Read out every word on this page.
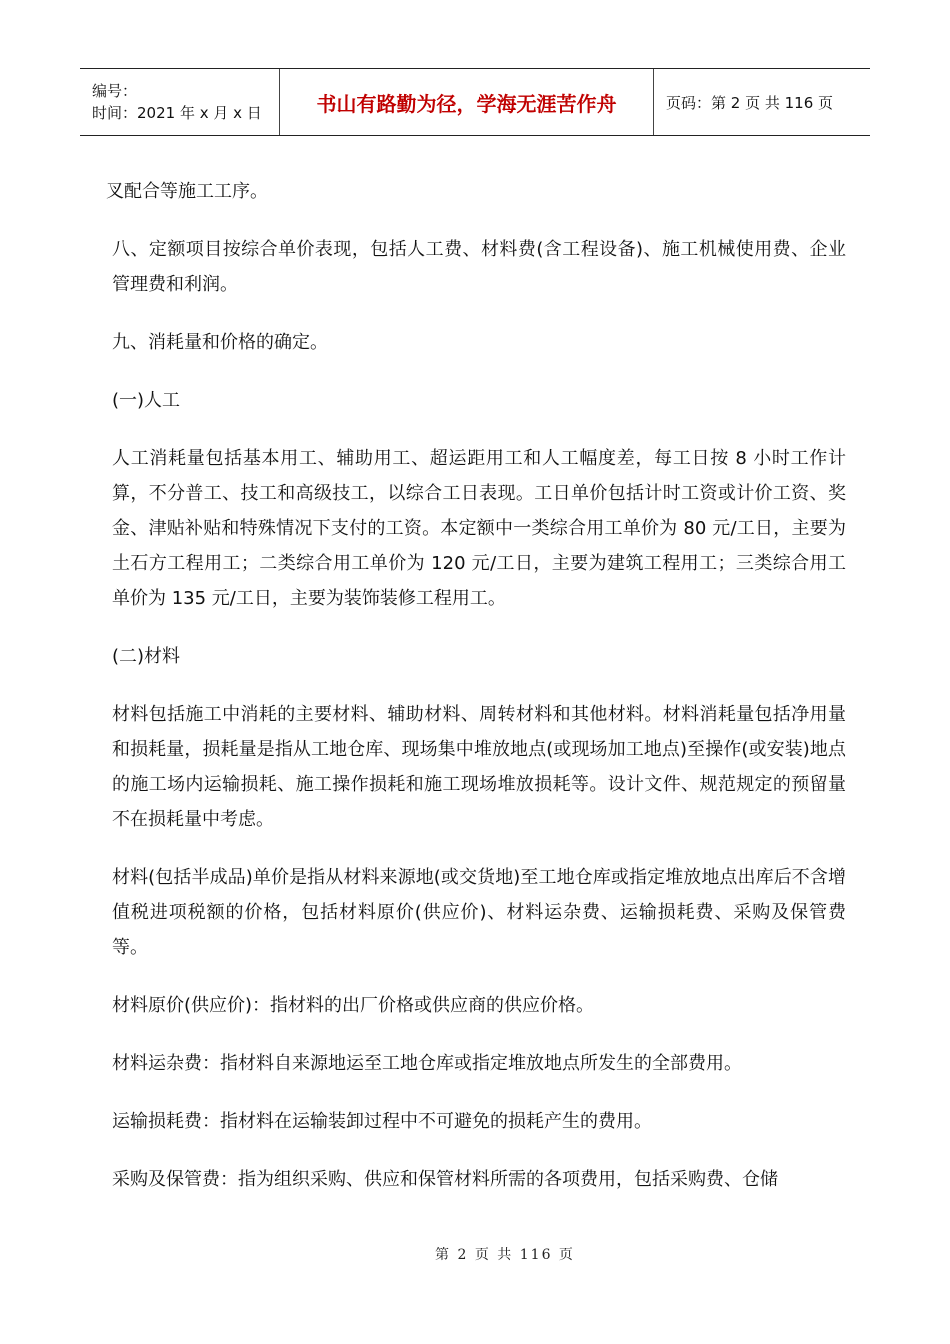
编号：
时间：2021 年 x 月 x 日	书山有路勤为径，学海无涯苦作舟	页码：第 2 页 共 116 页

叉配合等施工工序。

八、定额项目按综合单价表现，包括人工费、材料费(含工程设备)、施工机械使用费、企业管理费和利润。

九、消耗量和价格的确定。

(一)人工

人工消耗量包括基本用工、辅助用工、超运距用工和人工幅度差，每工日按 8 小时工作计算，不分普工、技工和高级技工，以综合工日表现。工日单价包括计时工资或计价工资、奖金、津贴补贴和特殊情况下支付的工资。本定额中一类综合用工单价为 80 元/工日，主要为土石方工程用工；二类综合用工单价为 120 元/工日，主要为建筑工程用工；三类综合用工单价为 135 元/工日，主要为装饰装修工程用工。

(二)材料

材料包括施工中消耗的主要材料、辅助材料、周转材料和其他材料。材料消耗量包括净用量和损耗量，损耗量是指从工地仓库、现场集中堆放地点(或现场加工地点)至操作(或安装)地点的施工场内运输损耗、施工操作损耗和施工现场堆放损耗等。设计文件、规范规定的预留量不在损耗量中考虑。

材料(包括半成品)单价是指从材料来源地(或交货地)至工地仓库或指定堆放地点出库后不含增值税进项税额的价格，包括材料原价(供应价)、材料运杂费、运输损耗费、采购及保管费等。

材料原价(供应价)：指材料的出厂价格或供应商的供应价格。

材料运杂费：指材料自来源地运至工地仓库或指定堆放地点所发生的全部费用。

运输损耗费：指材料在运输装卸过程中不可避免的损耗产生的费用。

采购及保管费：指为组织采购、供应和保管材料所需的各项费用，包括采购费、仓储

第 2 页 共 116 页
